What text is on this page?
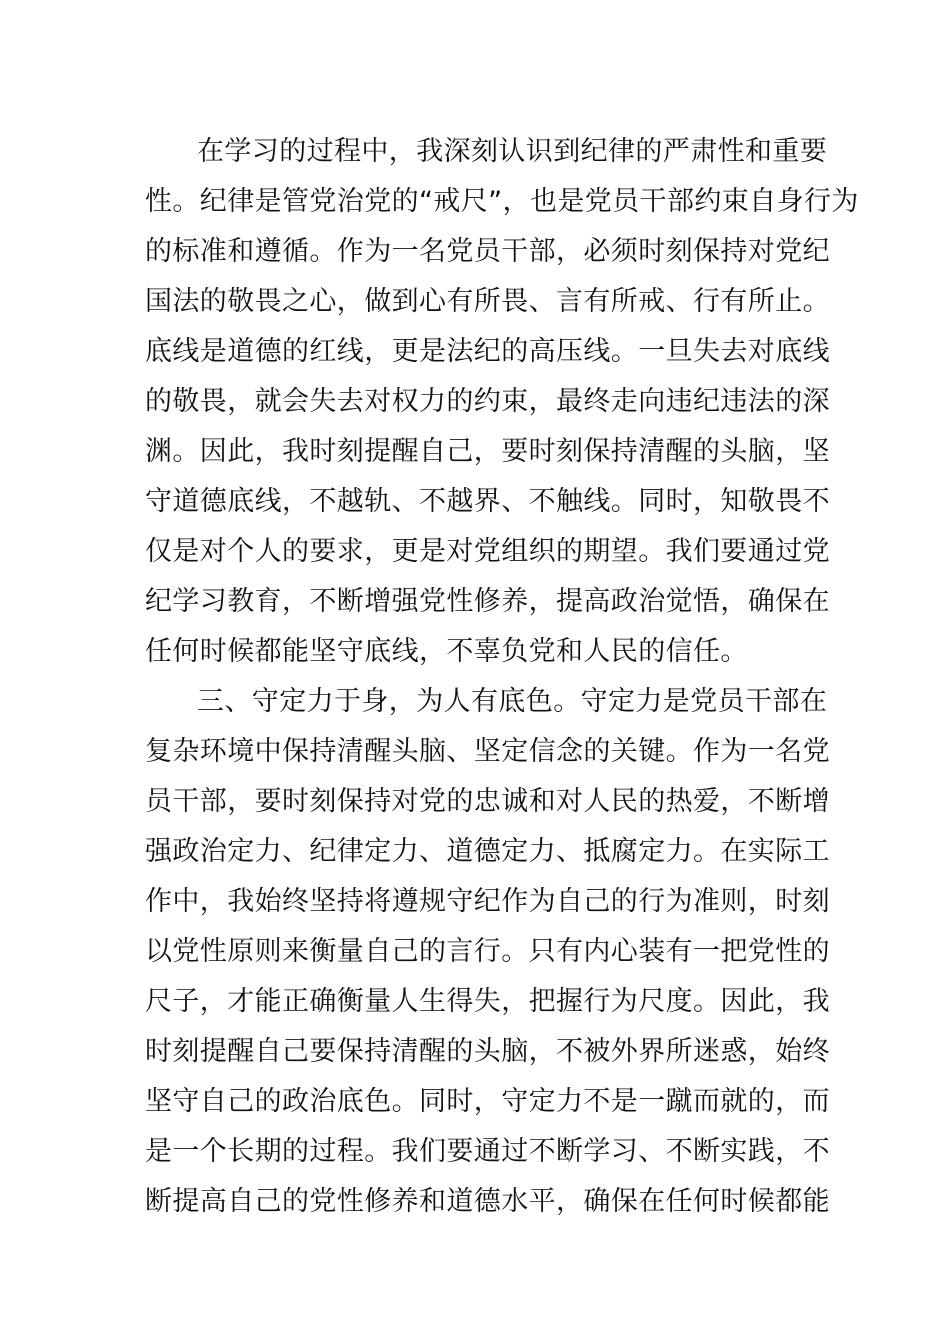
在学习的过程中，我深刻认识到纪律的严肃性和重要
性。纪律是管党治党的“戒尺”，也是党员干部约束自身行为
的标准和遵循。作为一名党员干部，必须时刻保持对党纪
国法的敬畏之心，做到心有所畏、言有所戒、行有所止。
底线是道德的红线，更是法纪的高压线。一旦失去对底线
的敬畏，就会失去对权力的约束，最终走向违纪违法的深
渊。因此，我时刻提醒自己，要时刻保持清醒的头脑，坚
守道德底线，不越轨、不越界、不触线。同时，知敬畏不
仅是对个人的要求，更是对党组织的期望。我们要通过党
纪学习教育，不断增强党性修养，提高政治觉悟，确保在
任何时候都能坚守底线，不辜负党和人民的信任。
三、守定力于身，为人有底色。守定力是党员干部在
复杂环境中保持清醒头脑、坚定信念的关键。作为一名党
员干部，要时刻保持对党的忠诚和对人民的热爱，不断增
强政治定力、纪律定力、道德定力、抵腐定力。在实际工
作中，我始终坚持将遵规守纪作为自己的行为准则，时刻
以党性原则来衡量自己的言行。只有内心装有一把党性的
尺子，才能正确衡量人生得失，把握行为尺度。因此，我
时刻提醒自己要保持清醒的头脑，不被外界所迷惑，始终
坚守自己的政治底色。同时，守定力不是一蹴而就的，而
是一个长期的过程。我们要通过不断学习、不断实践，不
断提高自己的党性修养和道德水平，确保在任何时候都能
